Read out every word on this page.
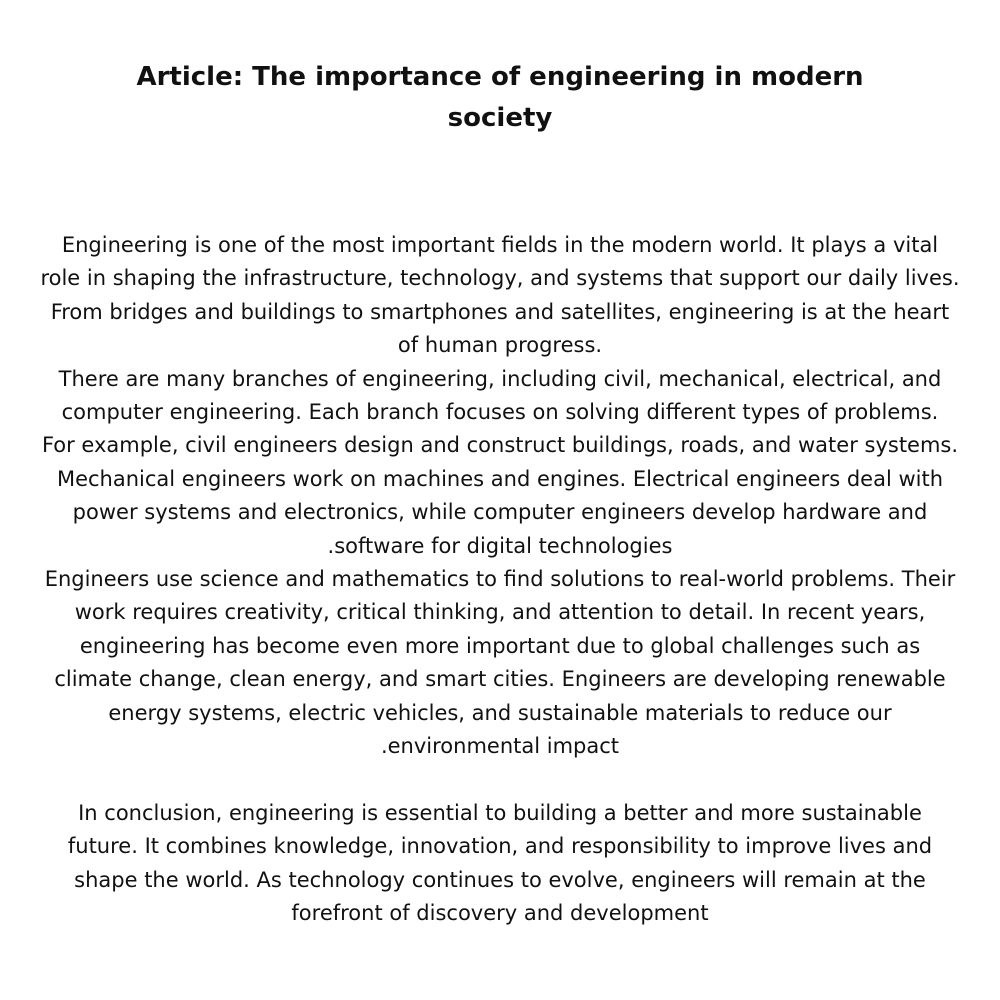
Article: The importance of engineering in modern
society

Engineering is one of the most important fields in the modern world. It plays a vital
role in shaping the infrastructure, technology, and systems that support our daily lives.
From bridges and buildings to smartphones and satellites, engineering is at the heart
of human progress.

There are many branches of engineering, including civil, mechanical, electrical, and
computer engineering. Each branch focuses on solving different types of problems.
For example, civil engineers design and construct buildings, roads, and water systems.
Mechanical engineers work on machines and engines. Electrical engineers deal with
power systems and electronics, while computer engineers develop hardware and
.software for digital technologies

Engineers use science and mathematics to find solutions to real-world problems. Their
work requires creativity, critical thinking, and attention to detail. In recent years,
engineering has become even more important due to global challenges such as
climate change, clean energy, and smart cities. Engineers are developing renewable
energy systems, electric vehicles, and sustainable materials to reduce our
.environmental impact

In conclusion, engineering is essential to building a better and more sustainable
future. It combines knowledge, innovation, and responsibility to improve lives and
shape the world. As technology continues to evolve, engineers will remain at the
forefront of discovery and development
